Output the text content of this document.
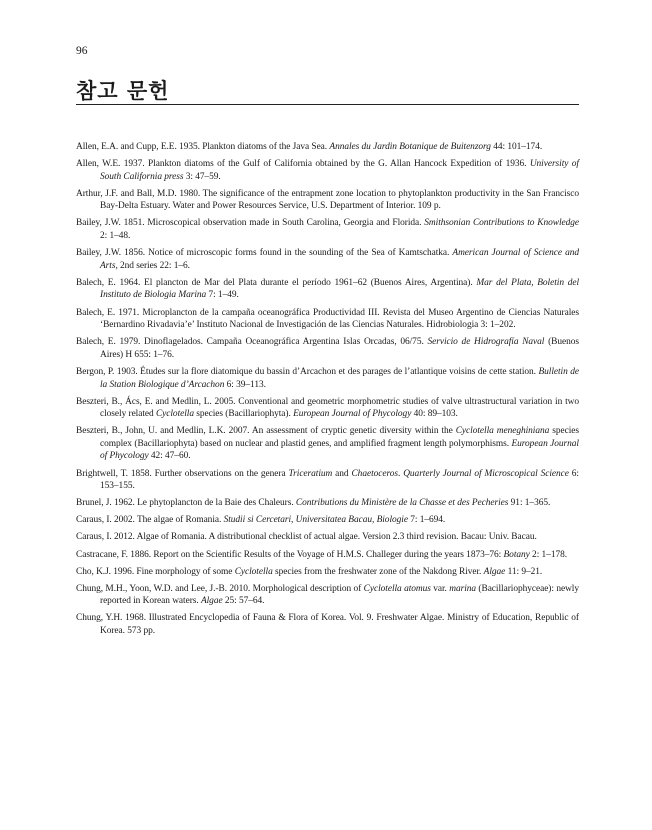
96
참고 문헌
Allen, E.A. and Cupp, E.E. 1935. Plankton diatoms of the Java Sea. Annales du Jardin Botanique de Buitenzorg 44: 101–174.
Allen, W.E. 1937. Plankton diatoms of the Gulf of California obtained by the G. Allan Hancock Expedition of 1936. University of South California press 3: 47–59.
Arthur, J.F. and Ball, M.D. 1980. The significance of the entrapment zone location to phytoplankton productivity in the San Francisco Bay-Delta Estuary. Water and Power Resources Service, U.S. Department of Interior. 109 p.
Bailey, J.W. 1851. Microscopical observation made in South Carolina, Georgia and Florida. Smithsonian Contributions to Knowledge 2: 1–48.
Bailey, J.W. 1856. Notice of microscopic forms found in the sounding of the Sea of Kamtschatka. American Journal of Science and Arts, 2nd series 22: 1–6.
Balech, E. 1964. El plancton de Mar del Plata durante el período 1961–62 (Buenos Aires, Argentina). Mar del Plata, Boletin del Instituto de Biologia Marina 7: 1–49.
Balech, E. 1971. Microplancton de la campaña oceanográfica Productividad III. Revista del Museo Argentino de Ciencias Naturales ‘Bernardino Rivadavia’e’ Instituto Nacional de Investigación de las Ciencias Naturales. Hidrobiologia 3: 1–202.
Balech, E. 1979. Dinoflagelados. Campaña Oceanográfica Argentina Islas Orcadas, 06/75. Servicio de Hidrografía Naval (Buenos Aires) H 655: 1–76.
Bergon, P. 1903. Études sur la flore diatomique du bassin d’Arcachon et des parages de l’atlantique voisins de cette station. Bulletin de la Station Biologique d’Arcachon 6: 39–113.
Beszteri, B., Ács, E. and Medlin, L. 2005. Conventional and geometric morphometric studies of valve ultrastructural variation in two closely related Cyclotella species (Bacillariophyta). European Journal of Phycology 40: 89–103.
Beszteri, B., John, U. and Medlin, L.K. 2007. An assessment of cryptic genetic diversity within the Cyclotella meneghiniana species complex (Bacillariophyta) based on nuclear and plastid genes, and amplified fragment length polymorphisms. European Journal of Phycology 42: 47–60.
Brightwell, T. 1858. Further observations on the genera Triceratium and Chaetoceros. Quarterly Journal of Microscopical Science 6: 153–155.
Brunel, J. 1962. Le phytoplancton de la Baie des Chaleurs. Contributions du Ministère de la Chasse et des Pecheries 91: 1–365.
Caraus, I. 2002. The algae of Romania. Studii si Cercetari, Universitatea Bacau, Biologie 7: 1–694.
Caraus, I. 2012. Algae of Romania. A distributional checklist of actual algae. Version 2.3 third revision. Bacau: Univ. Bacau.
Castracane, F. 1886. Report on the Scientific Results of the Voyage of H.M.S. Challeger during the years 1873–76: Botany 2: 1–178.
Cho, K.J. 1996. Fine morphology of some Cyclotella species from the freshwater zone of the Nakdong River. Algae 11: 9–21.
Chung, M.H., Yoon, W.D. and Lee, J.-B. 2010. Morphological description of Cyclotella atomus var. marina (Bacillariophyceae): newly reported in Korean waters. Algae 25: 57–64.
Chung, Y.H. 1968. Illustrated Encyclopedia of Fauna & Flora of Korea. Vol. 9. Freshwater Algae. Ministry of Education, Republic of Korea. 573 pp.
